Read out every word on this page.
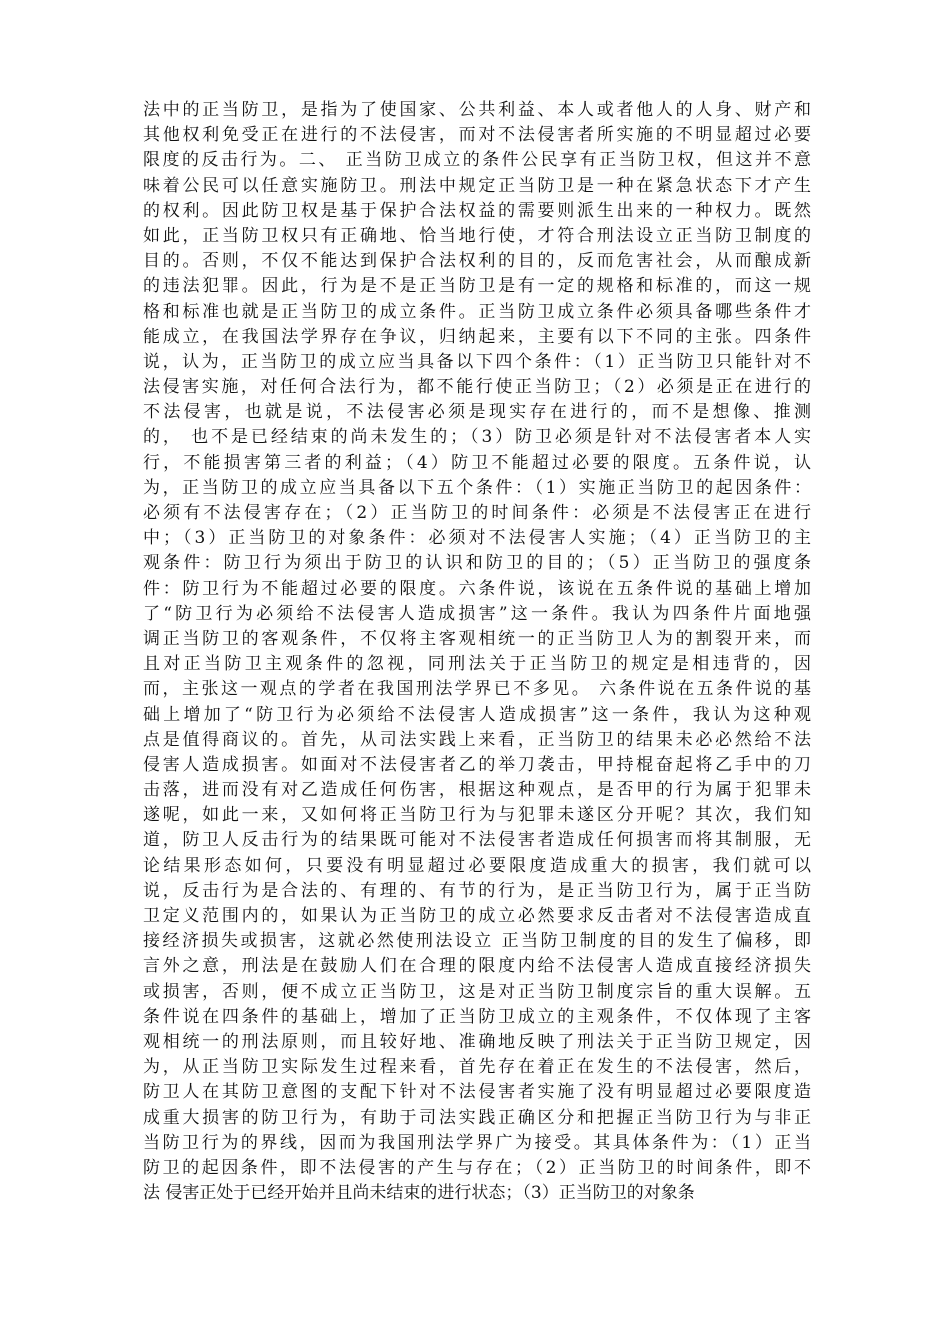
法中的正当防卫，是指为了使国家、公共利益、本人或者他人的人身、财产和
其他权利免受正在进行的不法侵害，而对不法侵害者所实施的不明显超过必要
限度的反击行为。二、 正当防卫成立的条件公民享有正当防卫权，但这并不意
味着公民可以任意实施防卫。刑法中规定正当防卫是一种在紧急状态下才产生
的权利。因此防卫权是基于保护合法权益的需要则派生出来的一种权力。既然
如此，正当防卫权只有正确地、恰当地行使，才符合刑法设立正当防卫制度的
目的。否则，不仅不能达到保护合法权利的目的，反而危害社会，从而酿成新
的违法犯罪。因此，行为是不是正当防卫是有一定的规格和标准的，而这一规
格和标准也就是正当防卫的成立条件。正当防卫成立条件必须具备哪些条件才
能成立，在我国法学界存在争议，归纳起来，主要有以下不同的主张。四条件
说，认为，正当防卫的成立应当具备以下四个条件：（1）正当防卫只能针对不
法侵害实施，对任何合法行为，都不能行使正当防卫；（2）必须是正在进行的
不法侵害，也就是说，不法侵害必须是现实存在进行的，而不是想像、推测
的， 也不是已经结束的尚未发生的；（3）防卫必须是针对不法侵害者本人实
行，不能损害第三者的利益；（4）防卫不能超过必要的限度。五条件说，认
为，正当防卫的成立应当具备以下五个条件：（1）实施正当防卫的起因条件：
必须有不法侵害存在；（2）正当防卫的时间条件：必须是不法侵害正在进行
中；（3）正当防卫的对象条件：必须对不法侵害人实施；（4）正当防卫的主
观条件：防卫行为须出于防卫的认识和防卫的目的；（5）正当防卫的强度条
件：防卫行为不能超过必要的限度。六条件说，该说在五条件说的基础上增加
了“防卫行为必须给不法侵害人造成损害”这一条件。我认为四条件片面地强
调正当防卫的客观条件，不仅将主客观相统一的正当防卫人为的割裂开来，而
且对正当防卫主观条件的忽视，同刑法关于正当防卫的规定是相违背的，因
而，主张这一观点的学者在我国刑法学界已不多见。 六条件说在五条件说的基
础上增加了“防卫行为必须给不法侵害人造成损害”这一条件，我认为这种观
点是值得商议的。首先，从司法实践上来看，正当防卫的结果未必必然给不法
侵害人造成损害。如面对不法侵害者乙的举刀袭击，甲持棍奋起将乙手中的刀
击落，进而没有对乙造成任何伤害，根据这种观点，是否甲的行为属于犯罪未
遂呢，如此一来，又如何将正当防卫行为与犯罪未遂区分开呢？其次，我们知
道，防卫人反击行为的结果既可能对不法侵害者造成任何损害而将其制服，无
论结果形态如何，只要没有明显超过必要限度造成重大的损害，我们就可以
说，反击行为是合法的、有理的、有节的行为，是正当防卫行为，属于正当防
卫定义范围内的，如果认为正当防卫的成立必然要求反击者对不法侵害造成直
接经济损失或损害，这就必然使刑法设立 正当防卫制度的目的发生了偏移，即
言外之意，刑法是在鼓励人们在合理的限度内给不法侵害人造成直接经济损失
或损害，否则，便不成立正当防卫，这是对正当防卫制度宗旨的重大误解。五
条件说在四条件的基础上，增加了正当防卫成立的主观条件，不仅体现了主客
观相统一的刑法原则，而且较好地、准确地反映了刑法关于正当防卫规定，因
为，从正当防卫实际发生过程来看，首先存在着正在发生的不法侵害，然后，
防卫人在其防卫意图的支配下针对不法侵害者实施了没有明显超过必要限度造
成重大损害的防卫行为，有助于司法实践正确区分和把握正当防卫行为与非正
当防卫行为的界线，因而为我国刑法学界广为接受。其具体条件为：（1）正当
防卫的起因条件，即不法侵害的产生与存在；（2）正当防卫的时间条件，即不
法 侵害正处于已经开始并且尚未结束的进行状态；（3）正当防卫的对象条
